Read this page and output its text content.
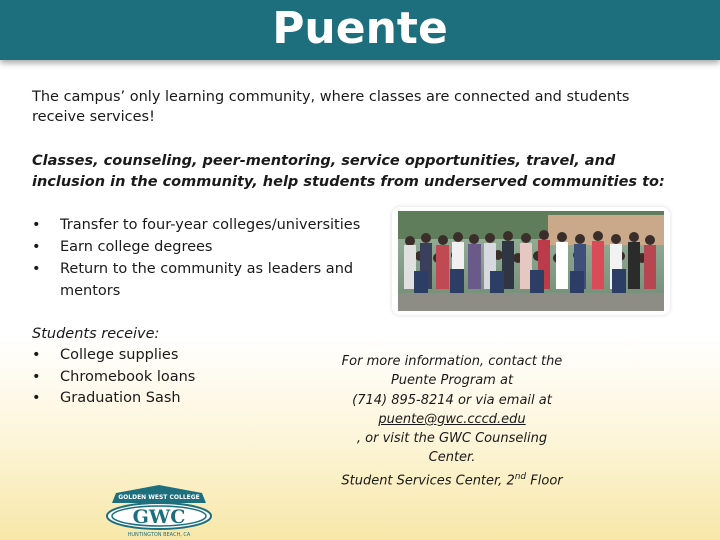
Puente

The campus’ only learning community, where classes are connected and students receive services!

Classes, counseling, peer-mentoring, service opportunities, travel, and inclusion in the community, help students from underserved communities to:

• Transfer to four-year colleges/universities
• Earn college degrees
• Return to the community as leaders and mentors

Students receive:

• College supplies
• Chromebook loans
• Graduation Sash
For more information, contact the
Puente Program at
(714) 895-8214 or via email at
puente@gwc.cccd.edu
, or visit the GWC Counseling Center.
Student Services Center, 2nd Floor
GOLDEN WEST COLLEGE
GWC
HUNTINGTON BEACH, CA
